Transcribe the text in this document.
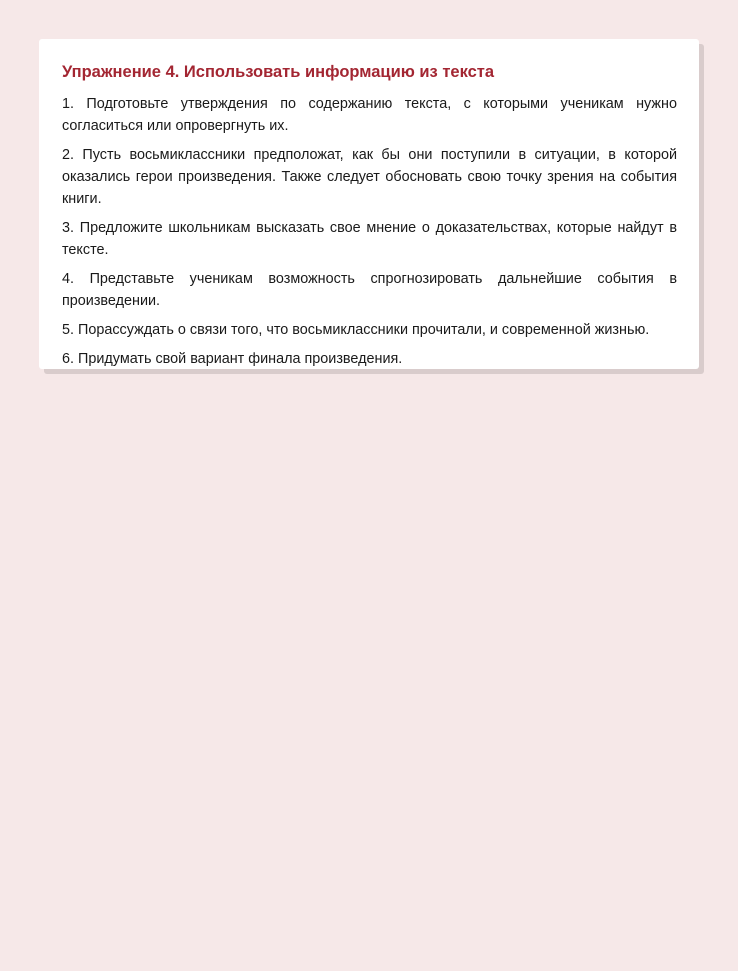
Упражнение 4. Использовать информацию из текста
1. Подготовьте утверждения по содержанию текста, с которыми ученикам нужно согласиться или опровергнуть их.
2. Пусть восьмиклассники предположат, как бы они поступили в ситуации, в которой оказались герои произведения. Также следует обосновать свою точку зрения на события книги.
3. Предложите школьникам высказать свое мнение о доказательствах, которые найдут в тексте.
4. Представьте ученикам возможность спрогнозировать дальнейшие события в произведении.
5. Порассуждать о связи того, что восьмиклассники прочитали, и современной жизнью.
6. Придумать свой вариант финала произведения.
